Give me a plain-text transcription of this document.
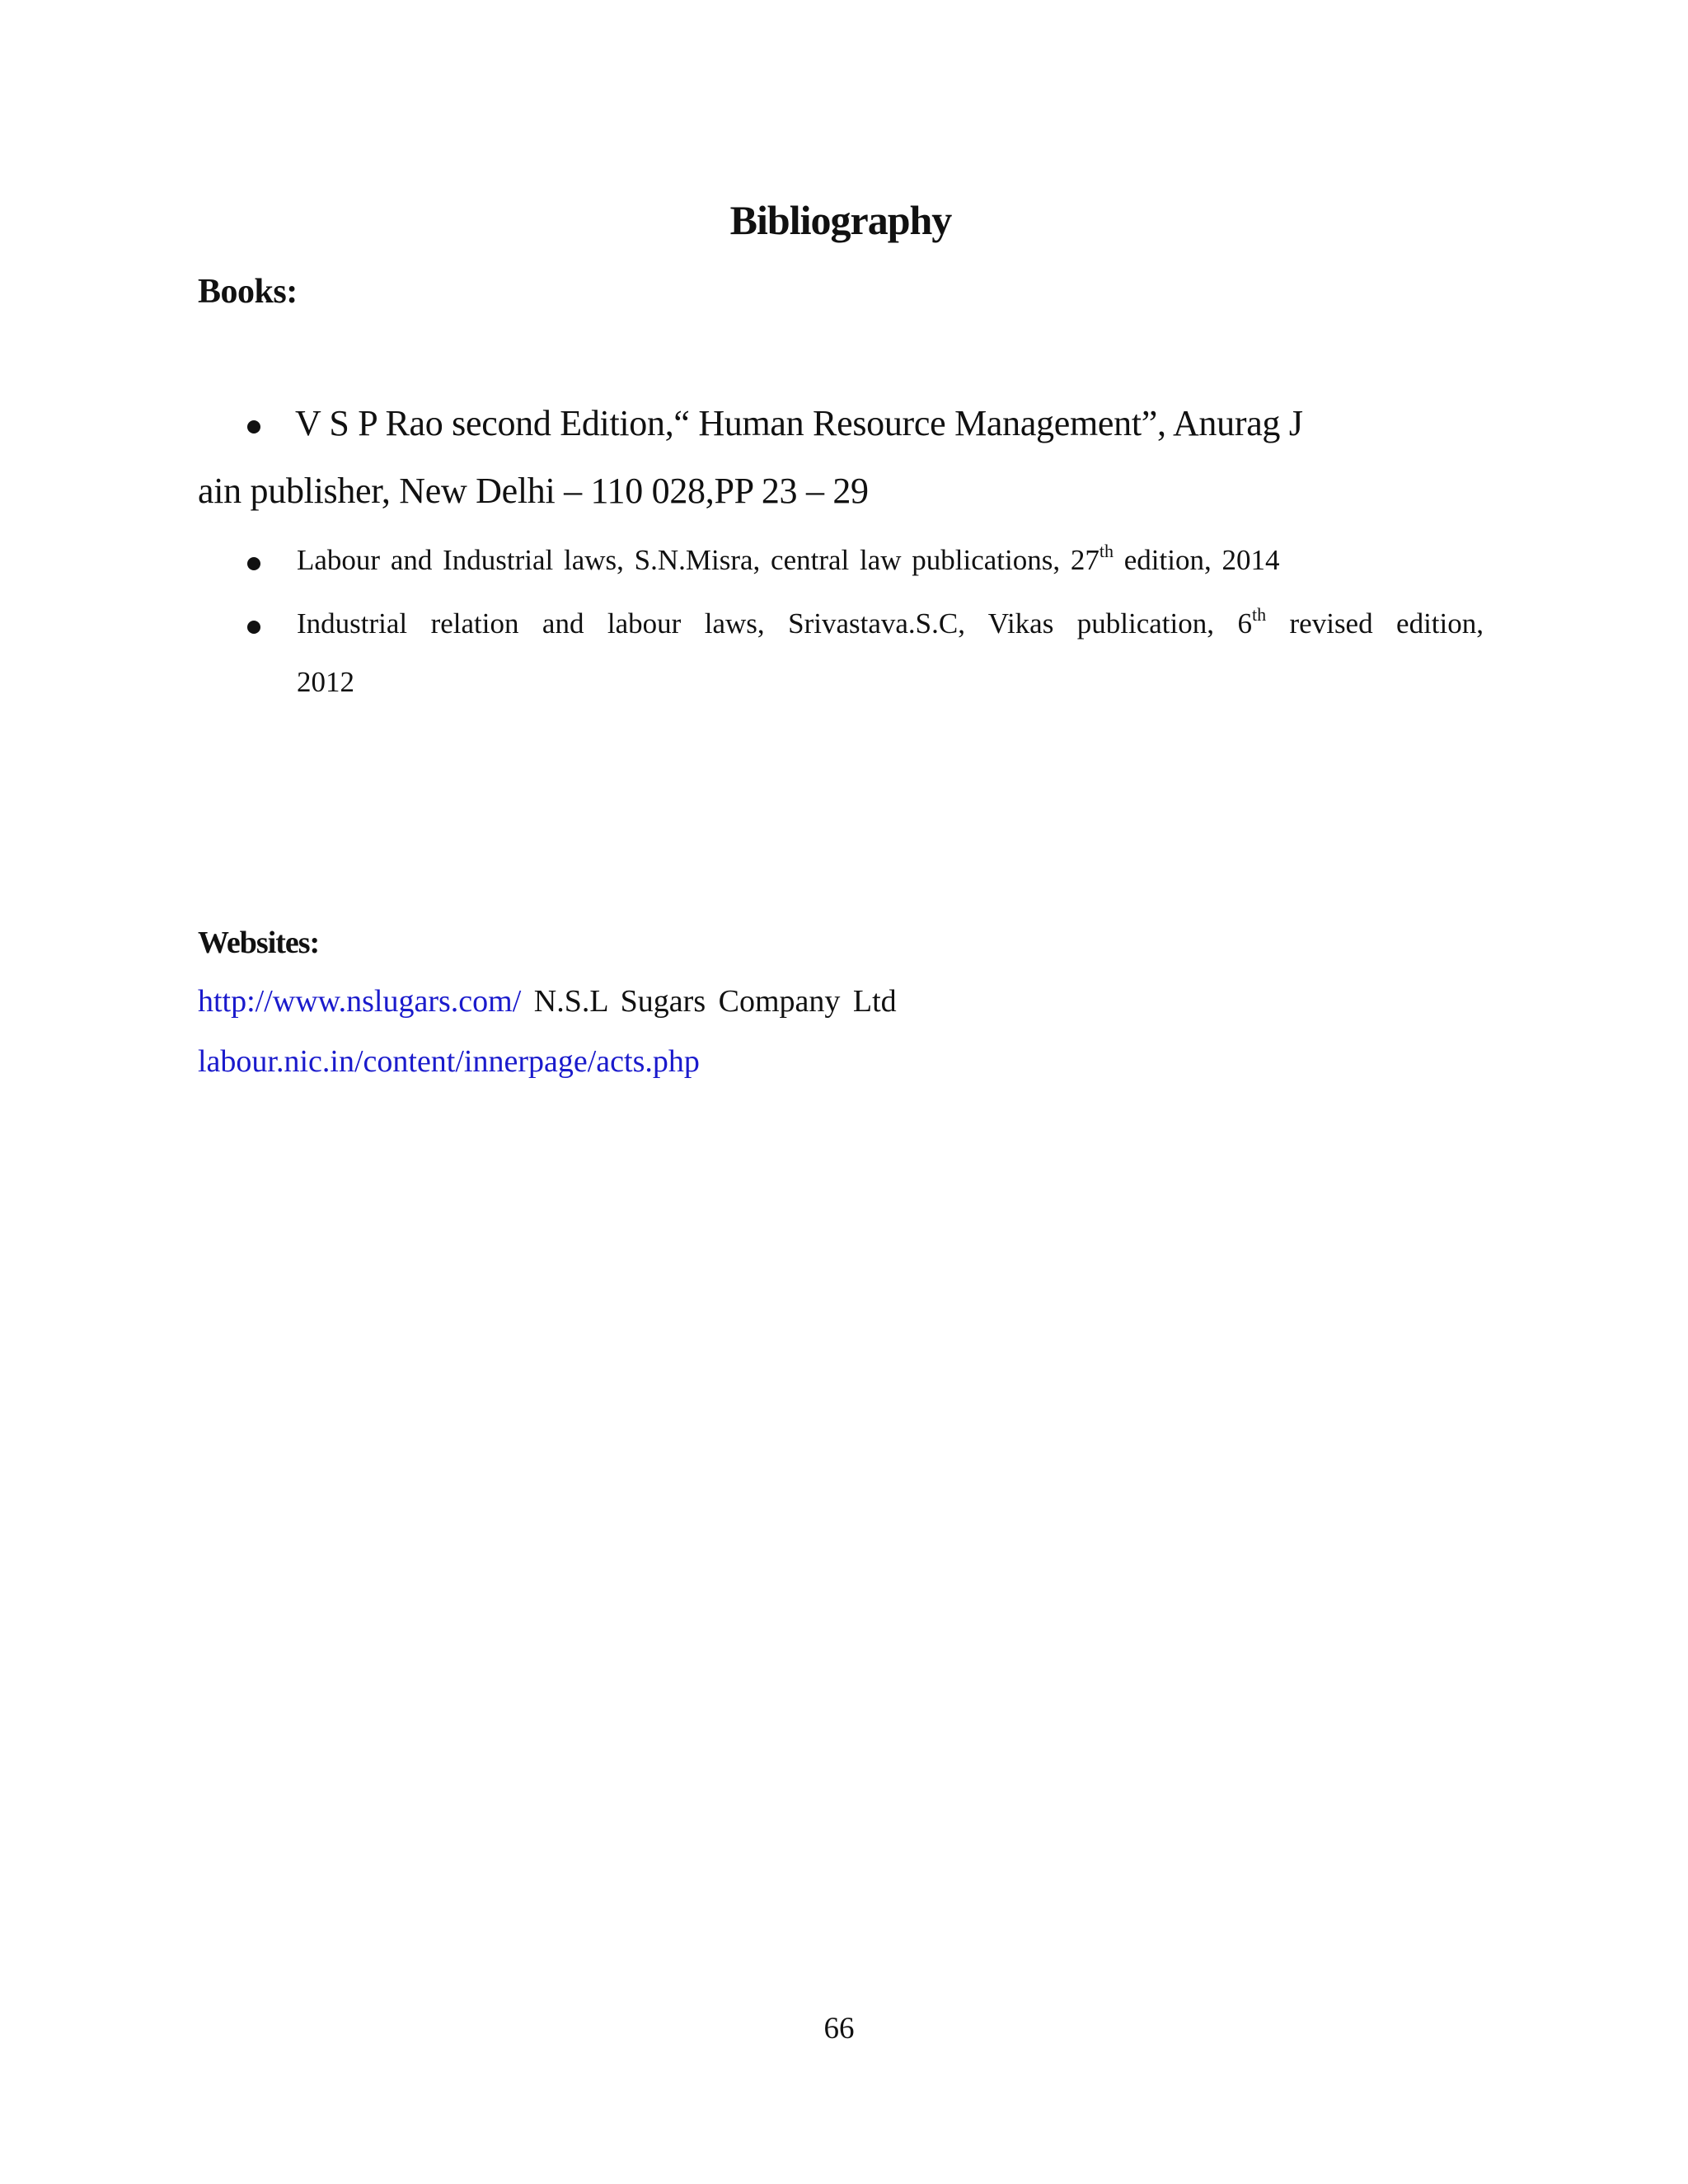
Bibliography
Books:
V S P Rao second Edition,“ Human Resource Management”, Anurag J
ain publisher, New Delhi – 110 028,PP 23 – 29
Labour and Industrial laws, S.N.Misra, central law publications, 27th edition, 2014
Industrial relation and labour laws, Srivastava.S.C, Vikas publication, 6th revised edition,
2012
Websites:
http://www.nslugars.com/ N.S.L Sugars Company Ltd
labour.nic.in/content/innerpage/acts.php
66
